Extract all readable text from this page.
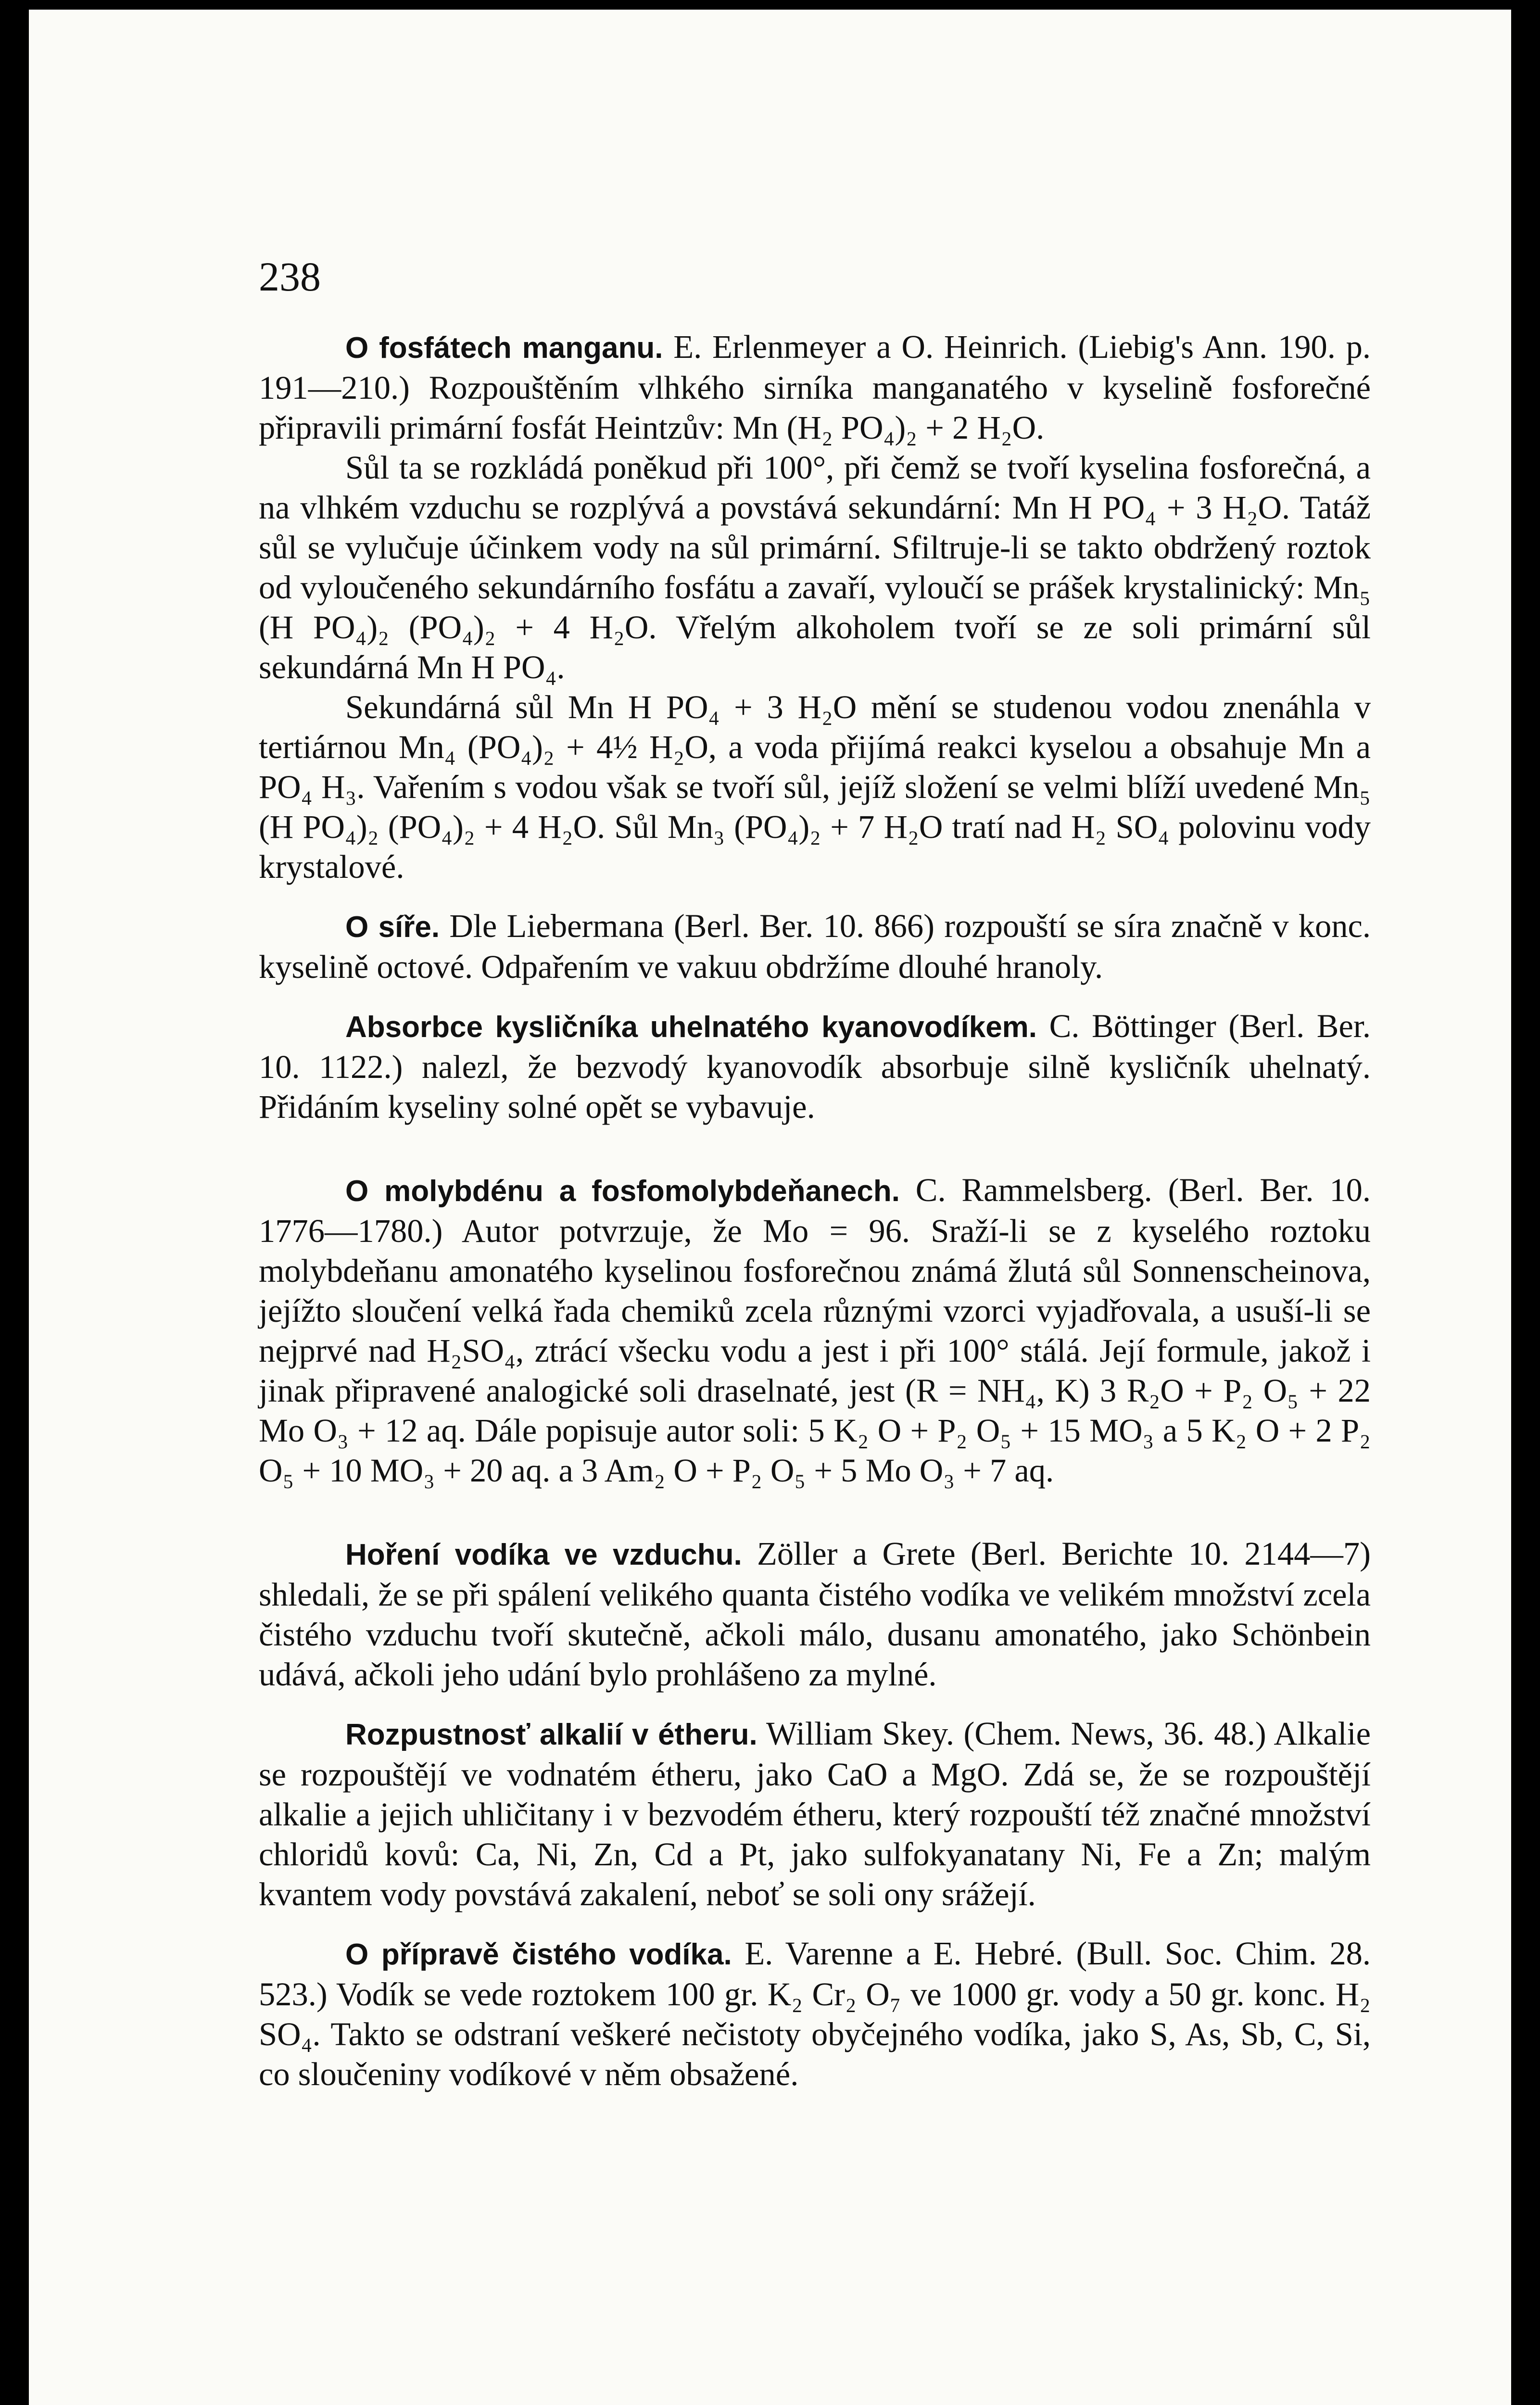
238

O fosfátech manganu. E. Erlenmeyer a O. Heinrich. (Liebig's Ann. 190. p. 191—210.) Rozpouštěním vlhkého sirníka manganatého v kyselině fosforečné připravili primární fosfát Heintzův: Mn (H₂ PO₄)₂ + 2 H₂O.

Sůl ta se rozkládá poněkud při 100°, při čemž se tvoří kyselina fosforečná, a na vlhkém vzduchu se rozplývá a povstává sekundární: Mn H PO₄ + 3 H₂O. Tatáž sůl se vylučuje účinkem vody na sůl primární. Sfiltruje-li se takto obdržený roztok od vyloučeného sekundárního fosfátu a zavaří, vyloučí se prášek krystalinický: Mn₅ (H PO₄)₂ (PO₄)₂ + 4 H₂O. Vřelým alkoholem tvoří se ze soli primární sůl sekundárná Mn H PO₄.

Sekundárná sůl Mn H PO₄ + 3 H₂O mění se studenou vodou znenáhla v tertiárnou Mn₄ (PO₄)₂ + 4½ H₂O, a voda přijímá reakci kyselou a obsahuje Mn a PO₄ H₃. Vařením s vodou však se tvoří sůl, jejíž složení se velmi blíží uvedené Mn₅ (H PO₄)₂ (PO₄)₂ + 4 H₂O. Sůl Mn₃ (PO₄)₂ + 7 H₂O tratí nad H₂ SO₄ polovinu vody krystalové.

O síře. Dle Liebermana (Berl. Ber. 10. 866) rozpouští se síra značně v konc. kyselině octové. Odpařením ve vakuu obdržíme dlouhé hranoly.

Absorbce kysličníka uhelnatého kyanovodíkem. C. Böttinger (Berl. Ber. 10. 1122.) nalezl, že bezvodý kyanovodík absorbuje silně kysličník uhelnatý. Přidáním kyseliny solné opět se vybavuje.

O molybdénu a fosfomolybdeňanech. C. Rammelsberg. (Berl. Ber. 10. 1776—1780.) Autor potvrzuje, že Mo = 96. Sraží-li se z kyselého roztoku molybdeňanu amonatého kyselinou fosforečnou známá žlutá sůl Sonnenscheinova, jejížto sloučení velká řada chemiků zcela různými vzorci vyjadřovala, a usuší-li se nejprvé nad H₂SO₄, ztrácí všecku vodu a jest i při 100° stálá. Její formule, jakož i jinak připravené analogické soli draselnaté, jest (R = NH₄, K) 3 R₂O + P₂ O₅ + 22 Mo O₃ + 12 aq. Dále popisuje autor soli: 5 K₂ O + P₂ O₅ + 15 MO₃ a 5 K₂ O + 2 P₂ O₅ + 10 MO₃ + 20 aq. a 3 Am₂ O + P₂ O₅ + 5 Mo O₃ + 7 aq.

Hoření vodíka ve vzduchu. Zöller a Grete (Berl. Berichte 10. 2144—7) shledali, že se při spálení velikého quanta čistého vodíka ve velikém množství zcela čistého vzduchu tvoří skutečně, ačkoli málo, dusanu amonatého, jako Schönbein udává, ačkoli jeho udání bylo prohlášeno za mylné.

Rozpustnosť alkalií v étheru. William Skey. (Chem. News, 36. 48.) Alkalie se rozpouštějí ve vodnatém étheru, jako CaO a MgO. Zdá se, že se rozpouštějí alkalie a jejich uhličitany i v bezvodém étheru, který rozpouští též značné množství chloridů kovů: Ca, Ni, Zn, Cd a Pt, jako sulfokyanatany Ni, Fe a Zn; malým kvantem vody povstává zakalení, neboť se soli ony srážejí.

O přípravě čistého vodíka. E. Varenne a E. Hebré. (Bull. Soc. Chim. 28. 523.) Vodík se vede roztokem 100 gr. K₂ Cr₂ O₇ ve 1000 gr. vody a 50 gr. konc. H₂ SO₄. Takto se odstraní veškeré nečistoty obyčejného vodíka, jako S, As, Sb, C, Si, co sloučeniny vodíkové v něm obsažené.
